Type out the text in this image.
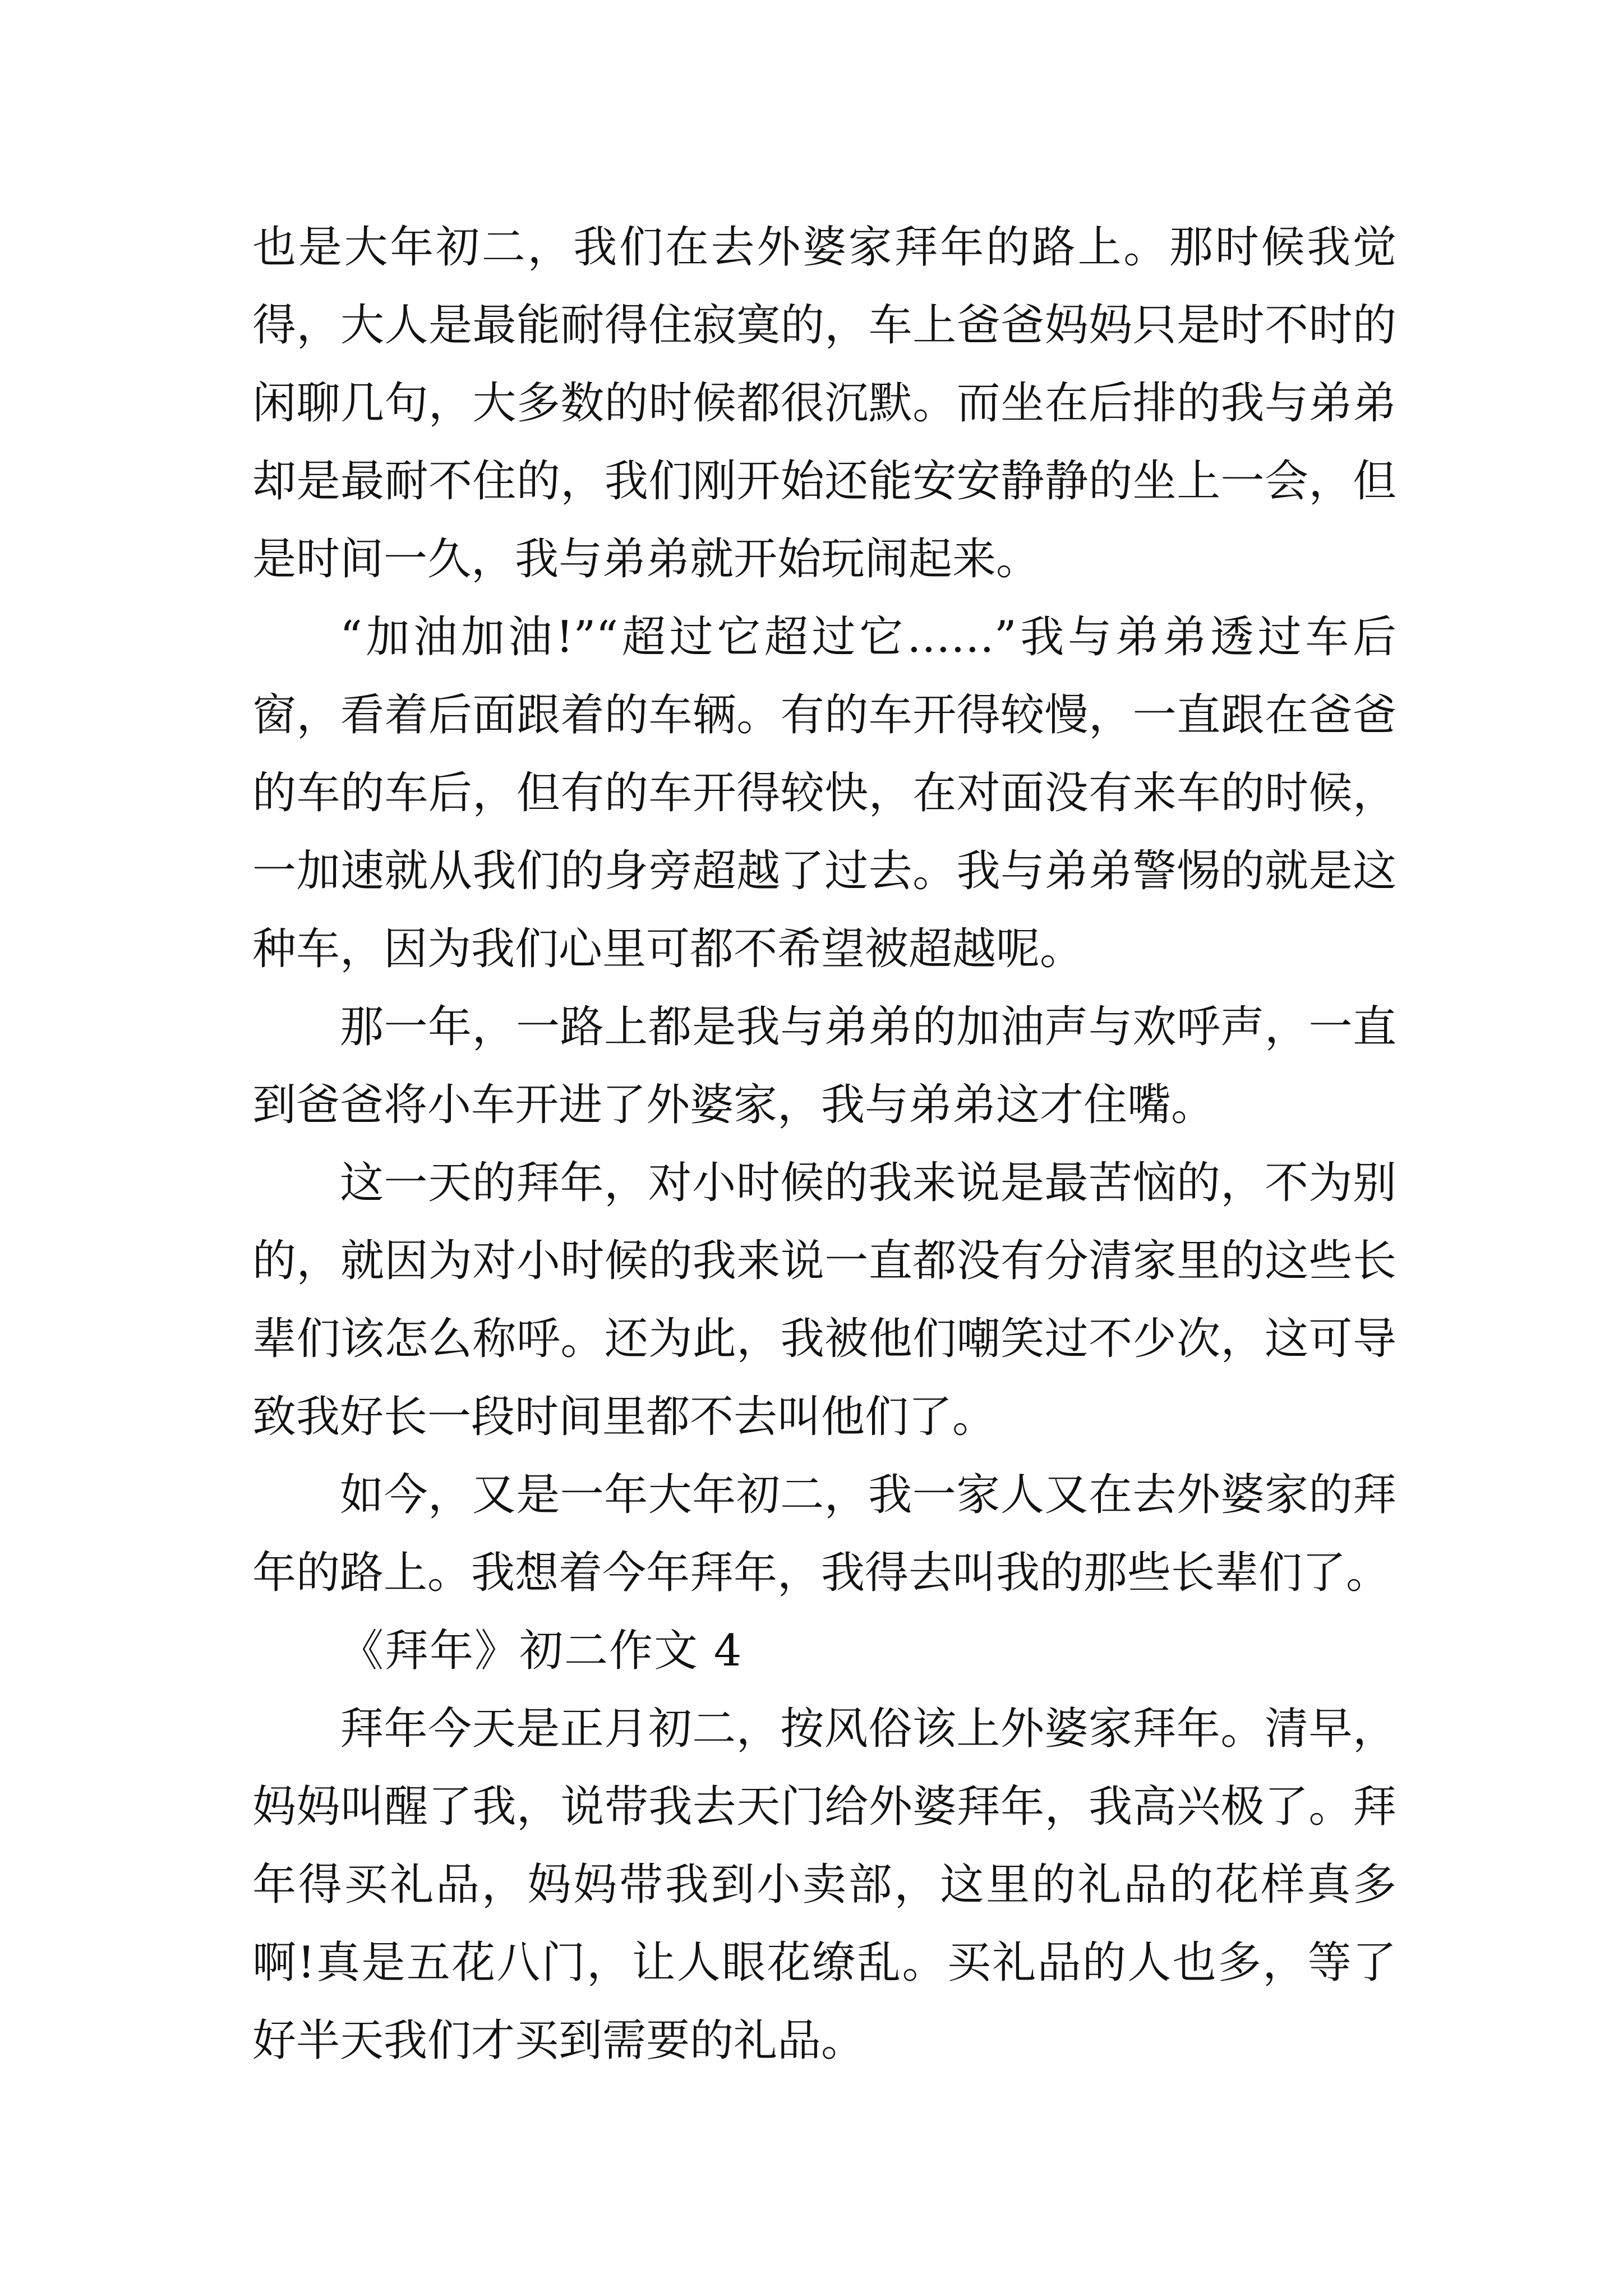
也是大年初二，我们在去外婆家拜年的路上。那时候我觉得，大人是最能耐得住寂寞的，车上爸爸妈妈只是时不时的闲聊几句，大多数的时候都很沉默。而坐在后排的我与弟弟却是最耐不住的，我们刚开始还能安安静静的坐上一会，但是时间一久，我与弟弟就开始玩闹起来。

“加油加油!”“超过它超过它……”我与弟弟透过车后窗，看着后面跟着的车辆。有的车开得较慢，一直跟在爸爸的车的车后，但有的车开得较快，在对面没有来车的时候，一加速就从我们的身旁超越了过去。我与弟弟警惕的就是这种车，因为我们心里可都不希望被超越呢。

那一年，一路上都是我与弟弟的加油声与欢呼声，一直到爸爸将小车开进了外婆家，我与弟弟这才住嘴。

这一天的拜年，对小时候的我来说是最苦恼的，不为别的，就因为对小时候的我来说一直都没有分清家里的这些长辈们该怎么称呼。还为此，我被他们嘲笑过不少次，这可导致我好长一段时间里都不去叫他们了。

如今，又是一年大年初二，我一家人又在去外婆家的拜年的路上。我想着今年拜年，我得去叫我的那些长辈们了。

《拜年》初二作文 4

拜年今天是正月初二，按风俗该上外婆家拜年。清早，妈妈叫醒了我，说带我去天门给外婆拜年，我高兴极了。拜年得买礼品，妈妈带我到小卖部，这里的礼品的花样真多啊!真是五花八门，让人眼花缭乱。买礼品的人也多，等了好半天我们才买到需要的礼品。
